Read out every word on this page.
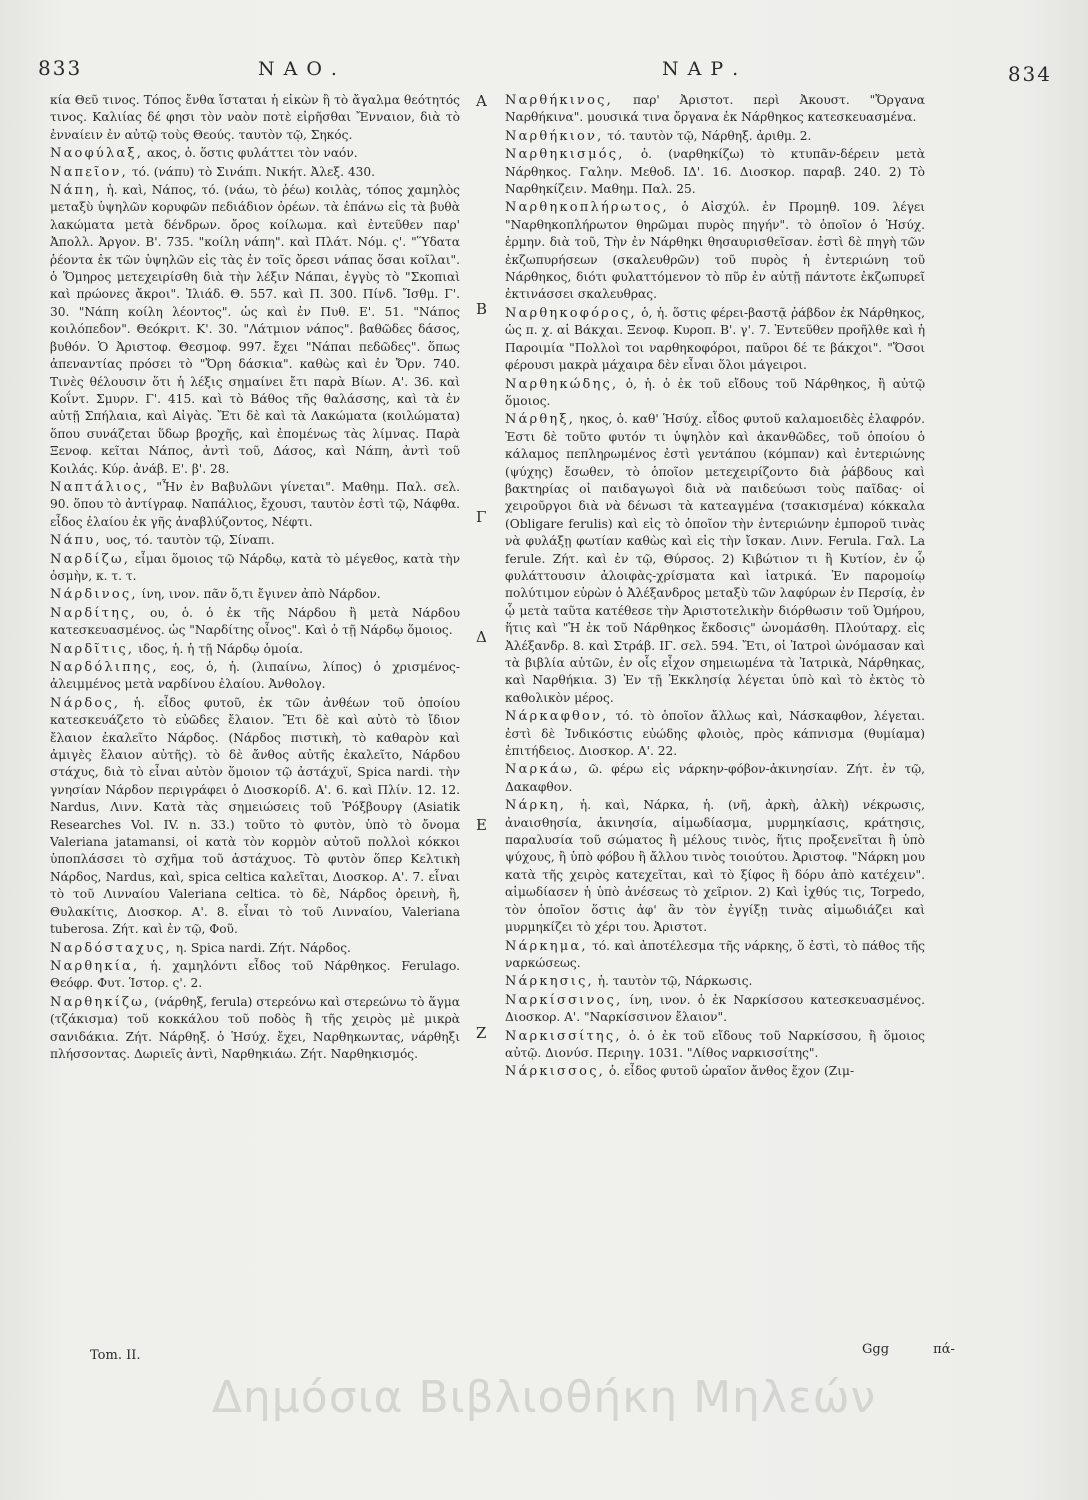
833	ΝΑΟ.	ΝΑΡ.	834

κία Θεῦ τινος. Τόπος ἔνθα ἵσταται ἡ εἰκὼν ἢ τὸ ἄγαλμα θεότητός τινος. Καλιίας δέ φησι τὸν ναὸν ποτὲ εἰρῆσθαι Ἔνναιον, διὰ τὸ ἐνναίειν ἐν αὐτῷ τοὺς Θεούς. ταυτὸν τῷ, Σηκός.

Ναοφύλαξ, ακος, ὁ. ὅστις φυλάττει τὸν ναόν.

Ναπεῖον, τό. (νάπυ) τὸ Σινάπι. Νικήτ. Ἀλεξ. 430.

Νάπη, ἡ. καὶ, Νάπος, τό. (νάω, τὸ ῥέω) κοιλὰς, τόπος χαμηλὸς μεταξὺ ὑψηλῶν κορυφῶν πεδιάδιον ὀρέων. τὰ ἐπάνω εἰς τὰ βυθὰ λακώματα μετὰ δένδρων. ὄρος κοίλωμα. καὶ ἐντεῦθεν παρ' Ἀπολλ. Ἀργον. Β'. 735. "κοίλη νάπη". καὶ Πλάτ. Νόμ. ς'. "Ὕδατα ῥέοντα ἐκ τῶν ὑψηλῶν εἰς τὰς ἐν τοῖς ὄρεσι νάπας ὅσαι κοῖλαι". ὁ Ὅμηρος μετεχειρίσθη διὰ τὴν λέξιν Νάπαι, ἐγγὺς τὸ "Σκοπιαὶ καὶ πρώονες ἄκροι". Ἰλιάδ. Θ. 557. καὶ Π. 300. Πίνδ. Ἴσθμ. Γ'. 30. "Νάπη κοίλη λέοντος". ὡς καὶ ἐν Πυθ. Ε'. 51. "Νάπος κοιλόπεδον". Θεόκριτ. Κ'. 30. "Λάτμιον νάπος". βαθῶδες δάσος, βυθόν. Ὁ Ἀριστοφ. Θεσμοφ. 997. ἔχει "Νάπαι πεδῶδες". ὅπως ἀπεναντίας πρόσει τὸ "Ὄρη δάσκια". καθὼς καὶ ἐν Ὄρν. 740. Τινὲς θέλουσιν ὅτι ἡ λέξις σημαίνει ἔτι παρὰ Βίων. Α'. 36. καὶ Κοΐντ. Σμυρν. Γ'. 415. καὶ τὸ Βάθος τῆς θαλάσσης, καὶ τὰ ἐν αὐτῇ Σπήλαια, καὶ Αἰγὰς. Ἔτι δὲ καὶ τὰ Λακώματα (κοιλώματα) ὅπου συνάζεται ὕδωρ βροχῆς, καὶ ἐπομένως τὰς λίμνας. Παρὰ Ξενοφ. κεῖται Νάπος, ἀντὶ τοῦ, Δάσος, καὶ Νάπη, ἀντὶ τοῦ Κοιλάς. Κύρ. ἀνάβ. Ε'. β'. 28.

Ναπτάλιος, "Ἦν ἐν Βαβυλῶνι γίνεται". Μαθημ. Παλ. σελ. 90. ὅπου τὸ ἀντίγραφ. Ναπάλιος, ἔχουσι, ταυτὸν ἐστὶ τῷ, Νάφθα. εἶδος ἐλαίου ἐκ γῆς ἀναβλύζοντος, Νέφτι.

Νάπυ, υος, τό. ταυτὸν τῷ, Σίναπι.

Ναρδίζω, εἶμαι ὅμοιος τῷ Νάρδῳ, κατὰ τὸ μέγεθος, κατὰ τὴν ὀσμὴν, κ. τ. τ.

Νάρδινος, ίνη, ινον. πᾶν ὅ,τι ἔγινεν ἀπὸ Νάρδον.

Ναρδίτης, ου, ὁ. ὁ ἐκ τῆς Νάρδου ἢ μετὰ Νάρδου κατεσκευασμένος. ὡς "Ναρδίτης οἶνος". Καὶ ὁ τῇ Νάρδῳ ὅμοιος.

Ναρδῖτις, ιδος, ἡ. ἡ τῇ Νάρδῳ ὁμοία.

Ναρδόλιπης, εος, ὁ, ἡ. (λιπαίνω, λίπος) ὁ χρισμένος-ἀλειμμένος μετὰ ναρδίνου ἐλαίου. Ἀνθολογ.

Νάρδος, ἡ. εἶδος φυτοῦ, ἐκ τῶν ἀνθέων τοῦ ὁποίου κατεσκευάζετο τὸ εὐῶδες ἔλαιον. Ἔτι δὲ καὶ αὐτὸ τὸ ἴδιον ἔλαιον ἐκαλεῖτο Νάρδος. (Νάρδος πιστικὴ, τὸ καθαρὸν καὶ ἀμιγὲς ἔλαιον αὐτῆς). τὸ δὲ ἄνθος αὐτῆς ἐκαλεῖτο, Νάρδου στάχυς, διὰ τὸ εἶναι αὐτὸν ὅμοιον τῷ ἀστάχυϊ, Spica nardi. τὴν γνησίαν Νάρδον περιγράφει ὁ Διοσκορίδ. Α'. 6. καὶ Πλίν. 12. 12. Nardus, Λινν. Κατὰ τὰς σημειώσεις τοῦ Ῥόξβουργ (Asiatik Researches Vol. IV. n. 33.) τοῦτο τὸ φυτὸν, ὑπὸ τὸ ὄνομα Valeriana jatamansi, οἱ κατὰ τὸν κορμὸν αὐτοῦ πολλοὶ κόκκοι ὑποπλάσσει τὸ σχῆμα τοῦ ἀστάχυος. Τὸ φυτὸν ὅπερ Κελτικὴ Νάρδος, Nardus, καὶ, spica celtica καλεῖται, Διοσκορ. Α'. 7. εἶναι τὸ τοῦ Λινναίου Valeriana celtica. τὸ δὲ, Νάρδος ὀρεινὴ, ἢ, Θυλακίτις, Διοσκορ. Α'. 8. εἶναι τὸ τοῦ Λινναίου, Valeriana tuberosa. Ζήτ. καὶ ἐν τῷ, Φοῦ.

Ναρδόσταχυς, η. Spica nardi. Ζήτ. Νάρδος.

Ναρθηκία, ἡ. χαμηλόντι εἶδος τοῦ Νάρθηκος. Ferulago. Θεόφρ. Φυτ. Ἱστορ. ς'. 2.

Ναρθηκίζω, (νάρθηξ, ferula) στερεόνω καὶ στερεώνω τὸ ἅγμα (τζάκισμα) τοῦ κοκκάλου τοῦ ποδὸς ἢ τῆς χειρὸς μὲ μικρὰ σανιδάκια. Ζήτ. Νάρθηξ. ὁ Ἡσύχ. ἔχει, Ναρθηκωντας, νάρθηξι πλήσσοντας. Δωριεῖς ἀντὶ, Ναρθηκιάω. Ζήτ. Ναρθηκισμός.

A
B
Γ
Δ
E
Z

Ναρθήκινος, παρ' Ἀριστοτ. περὶ Ἀκουστ. "Ὄργανα Ναρθήκινα". μουσικά τινα ὄργανα ἐκ Νάρθηκος κατεσκευασμένα.

Ναρθήκιον, τό. ταυτὸν τῷ, Νάρθηξ. ἀριθμ. 2.

Ναρθηκισμός, ὁ. (ναρθηκίζω) τὸ κτυπᾶν-δέρειν μετὰ Νάρθηκος. Γαλην. Μεθοδ. ΙΔ'. 16. Διοσκορ. παραβ. 240. 2) Τὸ Ναρθηκίζειν. Μαθημ. Παλ. 25.

Ναρθηκοπλήρωτος, ὁ Αἰσχύλ. ἐν Προμηθ. 109. λέγει "Ναρθηκοπλήρωτον θηρῶμαι πυρὸς πηγήν". τὸ ὁποῖον ὁ Ἡσύχ. ἑρμην. διὰ τοῦ, Τὴν ἐν Νάρθηκι θησαυρισθεῖσαν. ἐστὶ δὲ πηγὴ τῶν ἐκζωπυρήσεων (σκαλευθρῶν) τοῦ πυρὸς ἡ ἐντεριώνη τοῦ Νάρθηκος, διότι φυλαττόμενον τὸ πῦρ ἐν αὐτῇ πάντοτε ἐκζωπυρεῖ ἐκτινάσσει σκαλευθρας.

Ναρθηκοφόρος, ὁ, ἡ. ὅστις φέρει-βαστᾷ ῥάβδον ἐκ Νάρθηκος, ὡς π. χ. αἱ Βάκχαι. Ξενοφ. Κυροπ. Β'. γ'. 7. Ἐντεῦθεν προῆλθε καὶ ἡ Παροιμία "Πολλοὶ τοι ναρθηκοφόροι, παῦροι δέ τε βάκχοι". "Ὅσοι φέρουσι μακρὰ μάχαιρα δὲν εἶναι ὅλοι μάγειροι.

Ναρθηκώδης, ὁ, ἡ. ὁ ἐκ τοῦ εἴδους τοῦ Νάρθηκος, ἢ αὐτῷ ὅμοιος.

Νάρθηξ, ηκος, ὁ. καθ' Ἡσύχ. εἶδος φυτοῦ καλαμοειδὲς ἐλαφρόν. Ἐστι δὲ τοῦτο φυτόν τι ὑψηλὸν καὶ ἀκανθῶδες, τοῦ ὁποίου ὁ κάλαμος πεπληρωμένος ἐστὶ γεντάπου (κόμπαν) καὶ ἐντεριώνης (ψύχης) ἔσωθεν, τὸ ὁποῖον μετεχειρίζοντο διὰ ῥάβδους καὶ βακτηρίας οἱ παιδαγωγοὶ διὰ νὰ παιδεύωσι τοὺς παῖδας· οἱ χειροῦργοι διὰ νὰ δένωσι τὰ κατεαγμένα (τσακισμένα) κόκκαλα (Obligare ferulis) καὶ εἰς τὸ ὁποῖον τὴν ἐντεριώνην ἐμποροῦ τινὰς νὰ φυλάξῃ φωτίαν καθὼς καὶ εἰς τὴν ἴσκαν. Λινν. Ferula. Γαλ. La ferule. Ζήτ. καὶ ἐν τῷ, Θύρσος. 2) Κιβώτιον τι ἢ Κυτίον, ἐν ᾧ φυλάττουσιν ἀλοιφὰς-χρίσματα καὶ ἰατρικά. Ἐν παρομοίῳ πολύτιμον εὑρὼν ὁ Ἀλέξανδρος μεταξὺ τῶν λαφύρων ἐν Περσίᾳ, ἐν ᾧ μετὰ ταῦτα κατέθεσε τὴν Ἀριστοτελικὴν διόρθωσιν τοῦ Ὁμήρου, ἥτις καὶ "Ἡ ἐκ τοῦ Νάρθηκος ἔκδοσις" ὠνομάσθη. Πλούταρχ. εἰς Ἀλέξανδρ. 8. καὶ Στράβ. ΙΓ. σελ. 594. Ἔτι, οἱ Ἰατροὶ ὠνόμασαν καὶ τὰ βιβλία αὐτῶν, ἐν οἷς εἶχον σημειωμένα τὰ Ἰατρικὰ, Νάρθηκας, καὶ Ναρθήκια. 3) Ἐν τῇ Ἐκκλησίᾳ λέγεται ὑπὸ καὶ τὸ ἐκτὸς τὸ καθολικὸν μέρος.

Νάρκαφθον, τό. τὸ ὁποῖον ἄλλως καὶ, Νάσκαφθον, λέγεται. ἐστὶ δὲ Ἰνδικόστις εὐώδης φλοιὸς, πρὸς κάπνισμα (θυμίαμα) ἐπιτήδειος. Διοσκορ. Α'. 22.

Ναρκάω, ῶ. φέρω εἰς νάρκην-φόβον-ἀκινησίαν. Ζήτ. ἐν τῷ, Δακαφθον.

Νάρκη, ἡ. καὶ, Νάρκα, ἡ. (νῆ, ἀρκὴ, ἀλκὴ) νέκρωσις, ἀναισθησία, ἀκινησία, αἱμωδίασμα, μυρμηκίασις, κράτησις, παραλυσία τοῦ σώματος ἢ μέλους τινὸς, ἥτις προξενεῖται ἢ ὑπὸ ψύχους, ἢ ὑπὸ φόβου ἢ ἄλλου τινὸς τοιούτου. Ἀριστοφ. "Νάρκη μου κατὰ τῆς χειρὸς κατεχεῖται, καὶ τὸ ξίφος ἢ δόρυ ἀπὸ κατέχειν". αἱμωδίασεν ἡ ὑπὸ ἀνέσεως τὸ χεῖριον. 2) Καὶ ἰχθύς τις, Torpedo, τὸν ὁποῖον ὅστις ἀφ' ἂν τὸν ἐγγίξῃ τινὰς αἱμωδιάζει καὶ μυρμηκίζει τὸ χέρι του. Ἀριστοτ.

Νάρκημα, τό. καὶ ἀποτέλεσμα τῆς νάρκης, ὅ ἐστὶ, τὸ πάθος τῆς ναρκώσεως.

Νάρκησις, ἡ. ταυτὸν τῷ, Νάρκωσις.

Ναρκίσσινος, ίνη, ινον. ὁ ἐκ Ναρκίσσου κατεσκευασμένος. Διοσκορ. Α'. "Ναρκίσσινον ἔλαιον".

Ναρκισσίτης, ὁ. ὁ ἐκ τοῦ εἴδους τοῦ Ναρκίσσου, ἢ ὅμοιος αὐτῷ. Διονύσ. Περιηγ. 1031. "Λίθος ναρκισσίτης".

Νάρκισσος, ὁ. εἶδος φυτοῦ ὡραῖον ἄνθος ἔχον (Ζιμ-

Tom. II.	Ggg	πά-
Δημόσια Βιβλιοθήκη Μηλεών
